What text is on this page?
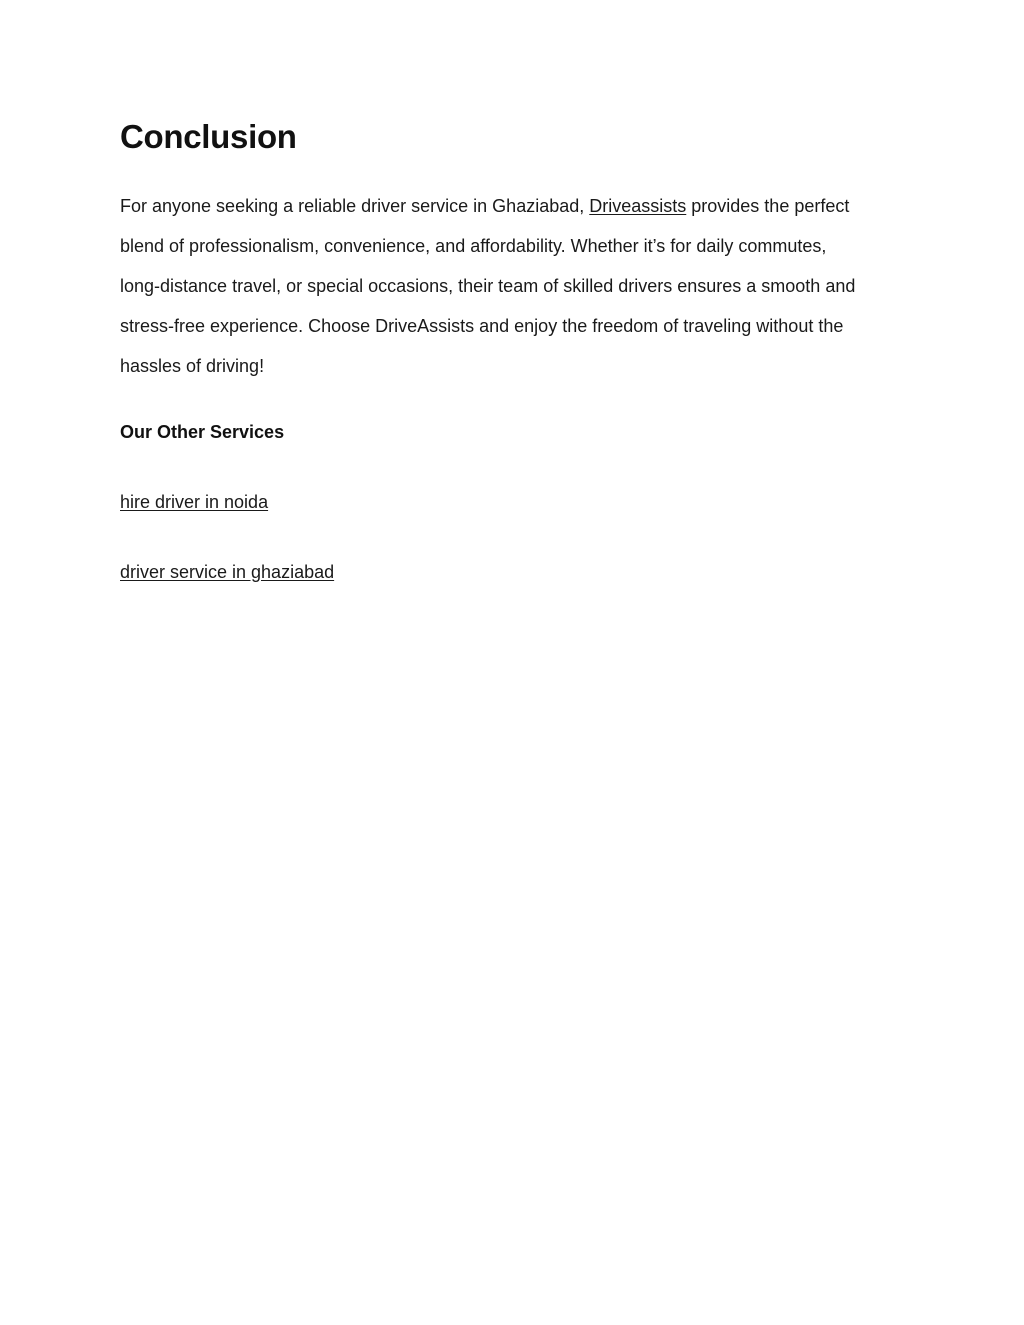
Conclusion

For anyone seeking a reliable driver service in Ghaziabad, Driveassists provides the perfect
blend of professionalism, convenience, and affordability. Whether it’s for daily commutes,
long-distance travel, or special occasions, their team of skilled drivers ensures a smooth and
stress-free experience. Choose DriveAssists and enjoy the freedom of traveling without the
hassles of driving!

Our Other Services

hire driver in noida

driver service in ghaziabad
